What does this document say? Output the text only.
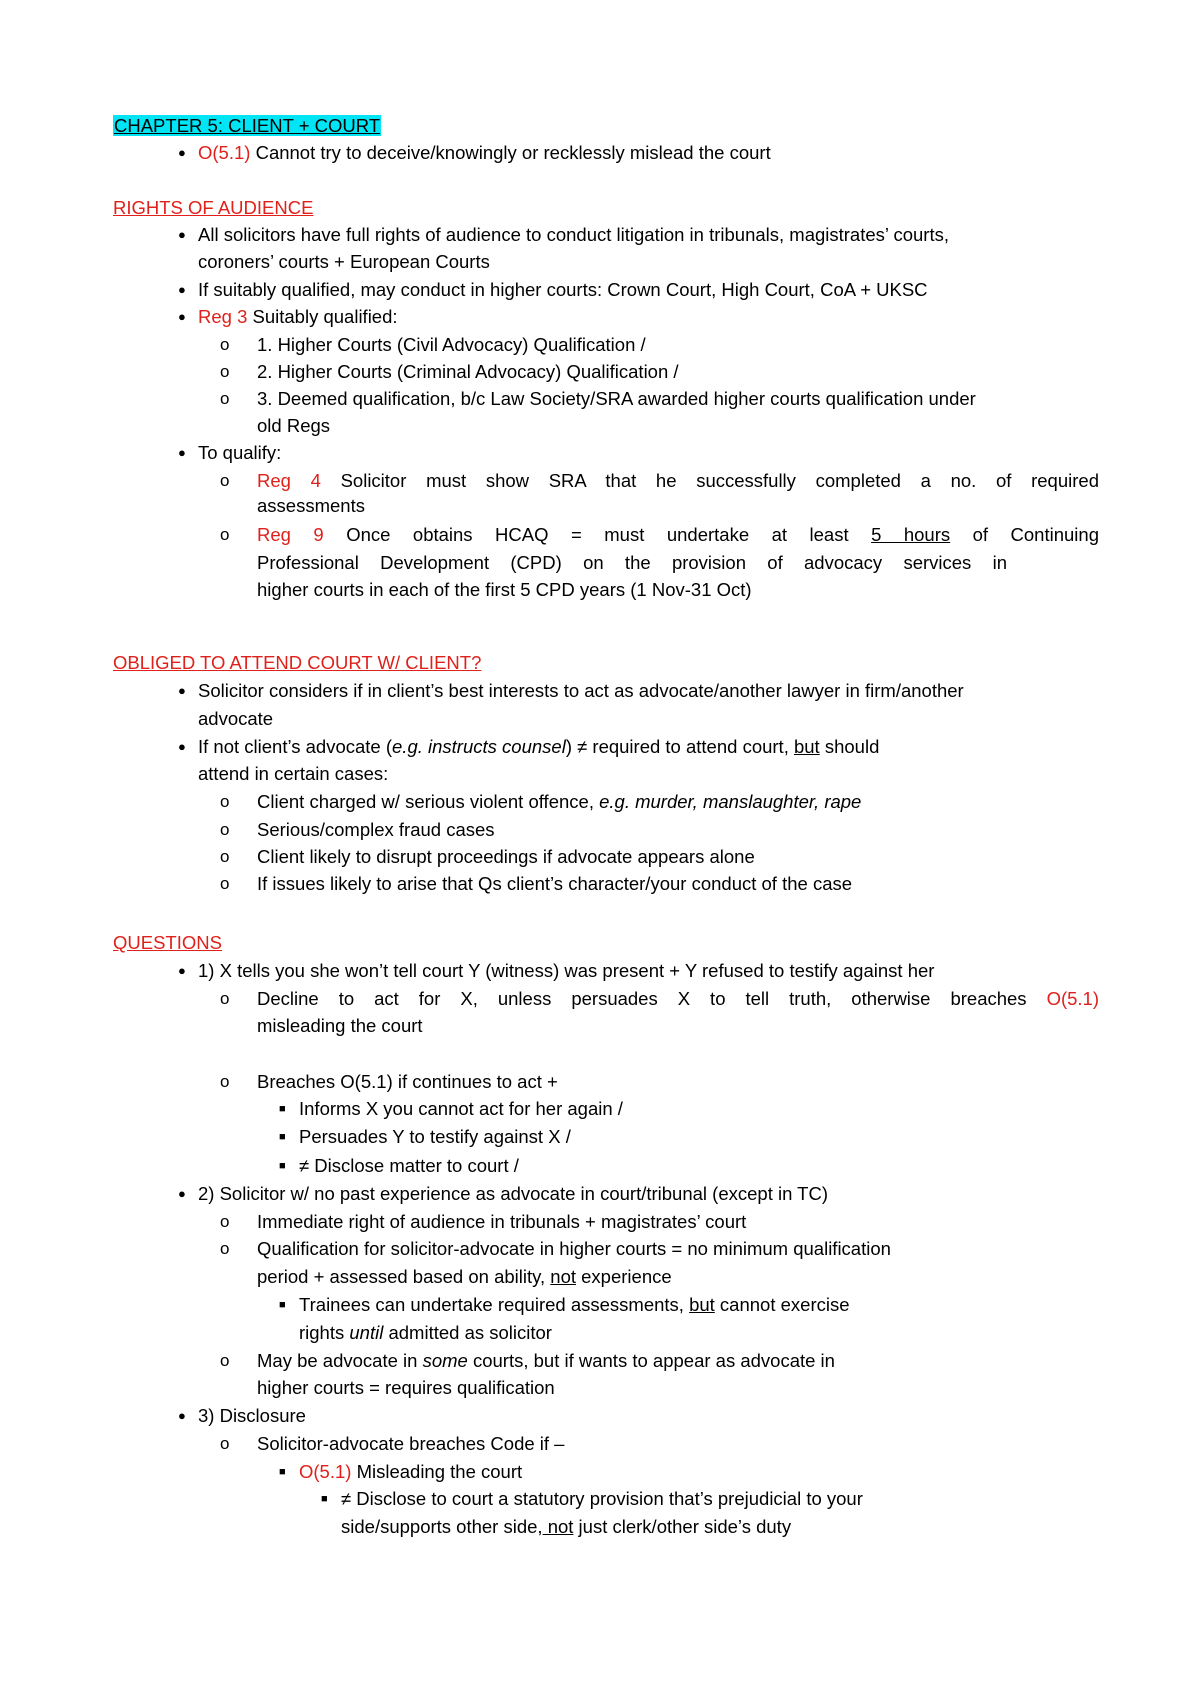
CHAPTER 5: CLIENT + COURT
● O(5.1) Cannot try to deceive/knowingly or recklessly mislead the court
RIGHTS OF AUDIENCE
● All solicitors have full rights of audience to conduct litigation in tribunals, magistrates’ courts,
coroners’ courts + European Courts
● If suitably qualified, may conduct in higher courts: Crown Court, High Court, CoA + UKSC
● Reg 3 Suitably qualified:
o 1. Higher Courts (Civil Advocacy) Qualification /
o 2. Higher Courts (Criminal Advocacy) Qualification /
o 3. Deemed qualification, b/c Law Society/SRA awarded higher courts qualification under
old Regs
● To qualify:
o Reg 4 Solicitor must show SRA that he successfully completed a no. of required
assessments
o Reg 9 Once obtains HCAQ = must undertake at least 5 hours of Continuing
Professional Development (CPD) on the provision of advocacy services in
higher courts in each of the first 5 CPD years (1 Nov-31 Oct)
OBLIGED TO ATTEND COURT W/ CLIENT?
● Solicitor considers if in client’s best interests to act as advocate/another lawyer in firm/another
advocate
● If not client’s advocate (e.g. instructs counsel) ≠ required to attend court, but should
attend in certain cases:
o Client charged w/ serious violent offence, e.g. murder, manslaughter, rape
o Serious/complex fraud cases
o Client likely to disrupt proceedings if advocate appears alone
o If issues likely to arise that Qs client’s character/your conduct of the case
QUESTIONS
● 1) X tells you she won’t tell court Y (witness) was present + Y refused to testify against her
o Decline to act for X, unless persuades X to tell truth, otherwise breaches O(5.1)
misleading the court
o Breaches O(5.1) if continues to act +
■ Informs X you cannot act for her again /
■ Persuades Y to testify against X /
■ ≠ Disclose matter to court /
● 2) Solicitor w/ no past experience as advocate in court/tribunal (except in TC)
o Immediate right of audience in tribunals + magistrates’ court
o Qualification for solicitor-advocate in higher courts = no minimum qualification
period + assessed based on ability, not experience
■ Trainees can undertake required assessments, but cannot exercise
rights until admitted as solicitor
o May be advocate in some courts, but if wants to appear as advocate in
higher courts = requires qualification
● 3) Disclosure
o Solicitor-advocate breaches Code if –
■ O(5.1) Misleading the court
■ ≠ Disclose to court a statutory provision that’s prejudicial to your
side/supports other side, not just clerk/other side’s duty
